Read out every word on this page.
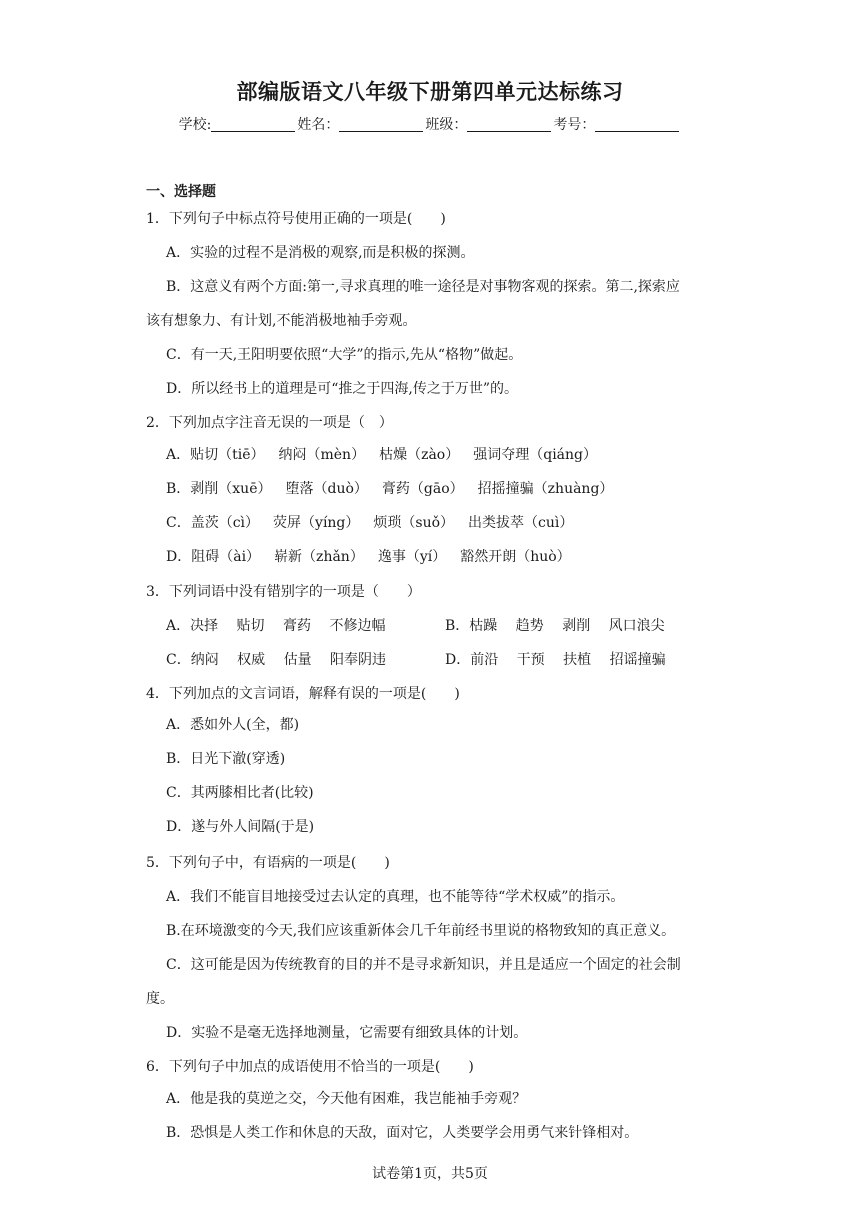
部编版语文八年级下册第四单元达标练习
学校:	姓名：	班级：	考号：
一、选择题
1．下列句子中标点符号使用正确的一项是(　　)
A．实验的过程不是消极的观察,而是积极的探测。
B．这意义有两个方面:第一,寻求真理的唯一途径是对事物客观的探索。第二,探索应
该有想象力、有计划,不能消极地袖手旁观。
C．有一天,王阳明要依照“大学”的指示,先从“格物”做起。
D．所以经书上的道理是可“推之于四海,传之于万世”的。
2．下列加点字注音无误的一项是（　）
A．贴切（tiē） 纳闷（mèn） 枯燥（zào） 强词夺理（qiáng）
B．剥削（xuē） 堕落（duò） 膏药（gāo） 招摇撞骗（zhuàng）
C．盖茨（cì） 荧屏（yíng） 烦琐（suǒ） 出类拔萃（cuì）
D．阻碍（ài） 崭新（zhǎn） 逸事（yí） 豁然开朗（huò）
3．下列词语中没有错别字的一项是（　　）
A．决择　 贴切　 膏药　 不修边幅	B．枯躁　 趋势　 剥削　 风口浪尖
C．纳闷　 权威　 估量　 阳奉阴违	D．前沿　 干预　 扶植　 招谣撞骗
4．下列加点的文言词语，解释有误的一项是(　　)
A．悉如外人(全，都)
B．日光下澈(穿透)
C．其两膝相比者(比较)
D．遂与外人间隔(于是)
5．下列句子中，有语病的一项是(　　)
A．我们不能盲目地接受过去认定的真理，也不能等待“学术权威”的指示。
B.在环境激变的今天,我们应该重新体会几千年前经书里说的格物致知的真正意义。
C．这可能是因为传统教育的目的并不是寻求新知识，并且是适应一个固定的社会制
度。
D．实验不是毫无选择地测量，它需要有细致具体的计划。
6．下列句子中加点的成语使用不恰当的一项是(　　)
A．他是我的莫逆之交，今天他有困难，我岂能袖手旁观？
B．恐惧是人类工作和休息的天敌，面对它，人类要学会用勇气来针锋相对。
试卷第1页，共5页
